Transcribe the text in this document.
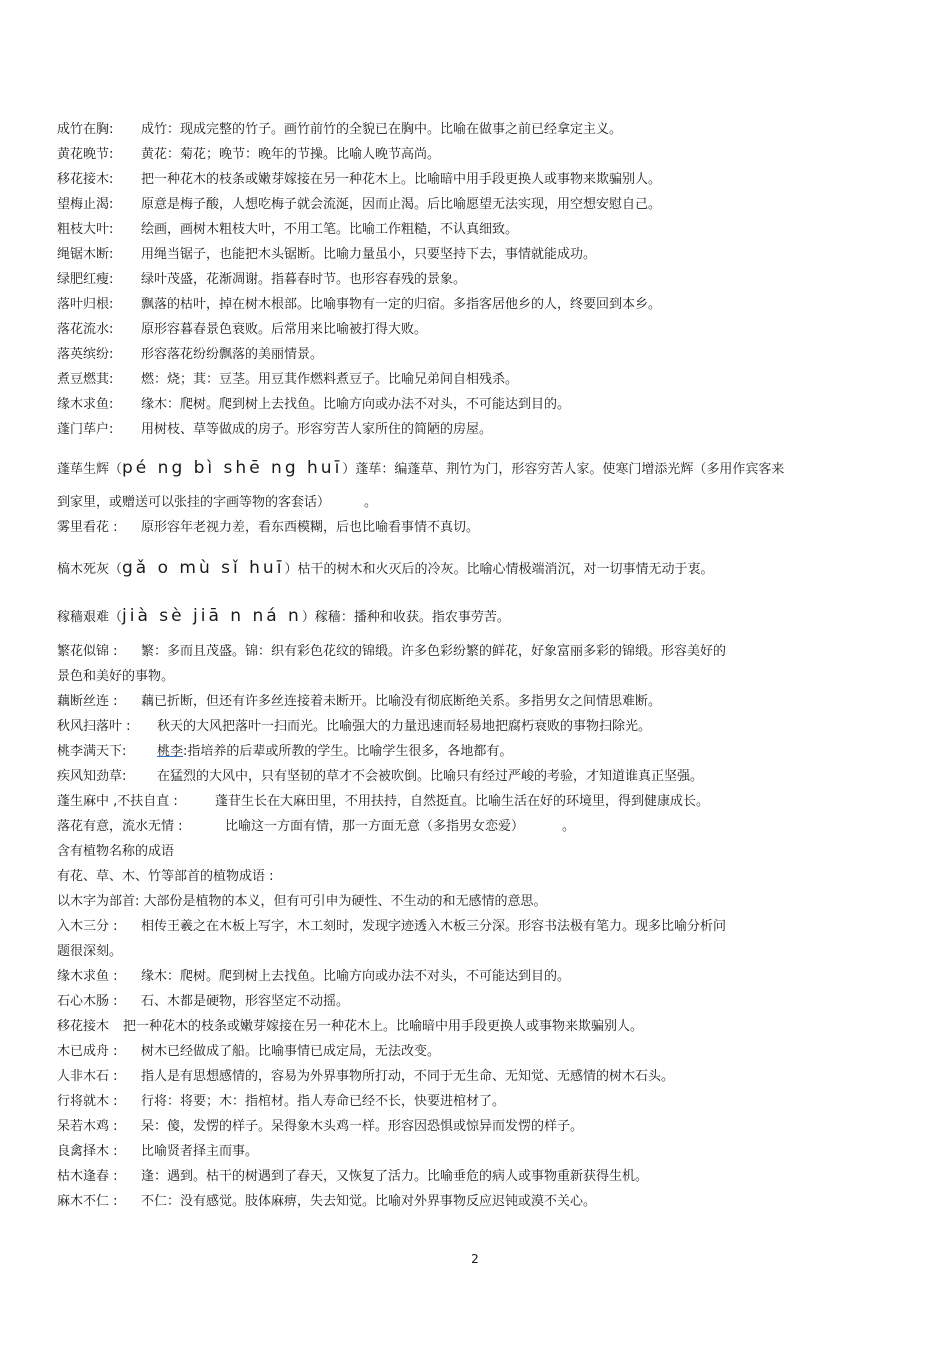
成竹在胸: 成竹：现成完整的竹子。画竹前竹的全貌已在胸中。比喻在做事之前已经拿定主义。
黄花晚节: 黄花：菊花；晚节：晚年的节操。比喻人晚节高尚。
移花接木: 把一种花木的枝条或嫩芽嫁接在另一种花木上。比喻暗中用手段更换人或事物来欺骗别人。
望梅止渴: 原意是梅子酸，人想吃梅子就会流涎，因而止渴。后比喻愿望无法实现，用空想安慰自己。
粗枝大叶: 绘画，画树木粗枝大叶，不用工笔。比喻工作粗糙，不认真细致。
绳锯木断: 用绳当锯子，也能把木头锯断。比喻力量虽小，只要坚持下去，事情就能成功。
绿肥红瘦: 绿叶茂盛，花渐凋谢。指暮春时节。也形容春残的景象。
落叶归根: 飘落的枯叶，掉在树木根部。比喻事物有一定的归宿。多指客居他乡的人，终要回到本乡。
落花流水: 原形容暮春景色衰败。后常用来比喻被打得大败。
落英缤纷: 形容落花纷纷飘落的美丽情景。
煮豆燃萁: 燃：烧；萁：豆茎。用豆萁作燃料煮豆子。比喻兄弟间自相残杀。
缘木求鱼: 缘木：爬树。爬到树上去找鱼。比喻方向或办法不对头，不可能达到目的。
蓬门荜户: 用树枝、草等做成的房子。形容穷苦人家所住的简陋的房屋。
蓬荜生辉（pé ng bì shē ng huī）蓬荜：编蓬草、荆竹为门，形容穷苦人家。使寒门增添光辉（多用作宾客来
到家里，或赠送可以张挂的字画等物的客套话）	。
雾里看花 : 原形容年老视力差，看东西模糊，后也比喻看事情不真切。
槁木死灰（gǎ o mù sǐ huī）枯干的树木和火灭后的冷灰。比喻心情极端消沉，对一切事情无动于衷。
稼穑艰难（jià sè jiā n ná n）稼穑：播种和收获。指农事劳苦。
繁花似锦 : 繁：多而且茂盛。锦：织有彩色花纹的锦缎。许多色彩纷繁的鲜花，好象富丽多彩的锦缎。形容美好的
景色和美好的事物。
藕断丝连 : 藕已折断，但还有许多丝连接着未断开。比喻没有彻底断绝关系。多指男女之间情思难断。
秋风扫落叶 : 秋天的大风把落叶一扫而光。比喻强大的力量迅速而轻易地把腐朽衰败的事物扫除光。
桃李满天下: 桃李:指培养的后辈或所教的学生。比喻学生很多，各地都有。
疾风知劲草: 在猛烈的大风中，只有坚韧的草才不会被吹倒。比喻只有经过严峻的考验，才知道谁真正坚强。
蓬生麻中 ,不扶自直 :	蓬苷生长在大麻田里，不用扶持，自然挺直。比喻生活在好的环境里，得到健康成长。
落花有意，流水无情 :	比喻这一方面有情，那一方面无意（多指男女恋爱）	。
含有植物名称的成语
有花、草、木、竹等部首的植物成语 :
以木字为部首: 大部份是植物的本义，但有可引申为硬性、不生动的和无感情的意思。
入木三分 : 相传王羲之在木板上写字，木工刻时，发现字迹透入木板三分深。形容书法极有笔力。现多比喻分析问
题很深刻。
缘木求鱼 : 缘木：爬树。爬到树上去找鱼。比喻方向或办法不对头，不可能达到目的。
石心木肠 : 石、木都是硬物，形容坚定不动摇。
移花接木 把一种花木的枝条或嫩芽嫁接在另一种花木上。比喻暗中用手段更换人或事物来欺骗别人。
木已成舟 : 树木已经做成了船。比喻事情已成定局，无法改变。
人非木石 : 指人是有思想感情的，容易为外界事物所打动，不同于无生命、无知觉、无感情的树木石头。
行将就木 : 行将：将要；木：指棺材。指人寿命已经不长，快要进棺材了。
呆若木鸡 : 呆：傻，发愣的样子。呆得象木头鸡一样。形容因恐惧或惊异而发愣的样子。
良禽择木 : 比喻贤者择主而事。
枯木逢春 : 逢：遇到。枯干的树遇到了春天，又恢复了活力。比喻垂危的病人或事物重新获得生机。
麻木不仁 : 不仁：没有感觉。肢体麻痹，失去知觉。比喻对外界事物反应迟钝或漠不关心。
2
